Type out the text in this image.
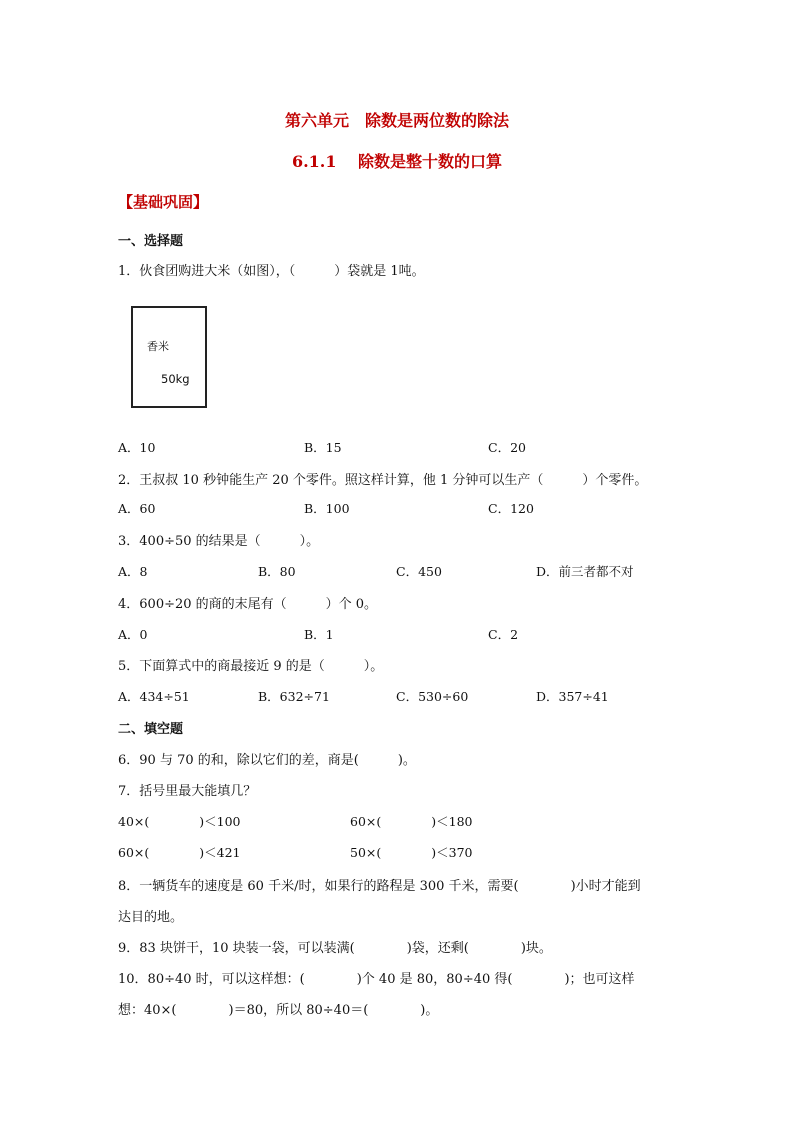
第六单元　除数是两位数的除法
6.1.1　 除数是整十数的口算
【基础巩固】
一、选择题
1．伙食团购进大米（如图），（　　　）袋就是 1吨。
香米
50kg
A．10	B．15	C．20
2．王叔叔 10 秒钟能生产 20 个零件。照这样计算，他 1 分钟可以生产（　　　）个零件。
A．60	B．100	C．120
3．400÷50 的结果是（　　　）。
A．8	B．80	C．450	D．前三者都不对
4．600÷20 的商的末尾有（　　　）个 0。
A．0	B．1	C．2
5．下面算式中的商最接近 9 的是（　　　）。
A．434÷51	B．632÷71	C．530÷60	D．357÷41
二、填空题
6．90 与 70 的和，除以它们的差，商是(　　　)。
7．括号里最大能填几？
40×(　　　　)＜100	60×(　　　　)＜180
60×(　　　　)＜421	50×(　　　　)＜370
8．一辆货车的速度是 60 千米/时，如果行的路程是 300 千米，需要(　　　　)小时才能到
达目的地。
9．83 块饼干，10 块装一袋，可以装满(　　　　)袋，还剩(　　　　)块。
10．80÷40 时，可以这样想：(　　　　)个 40 是 80，80÷40 得(　　　　)；也可这样
想：40×(　　　　)＝80，所以 80÷40＝(　　　　)。
